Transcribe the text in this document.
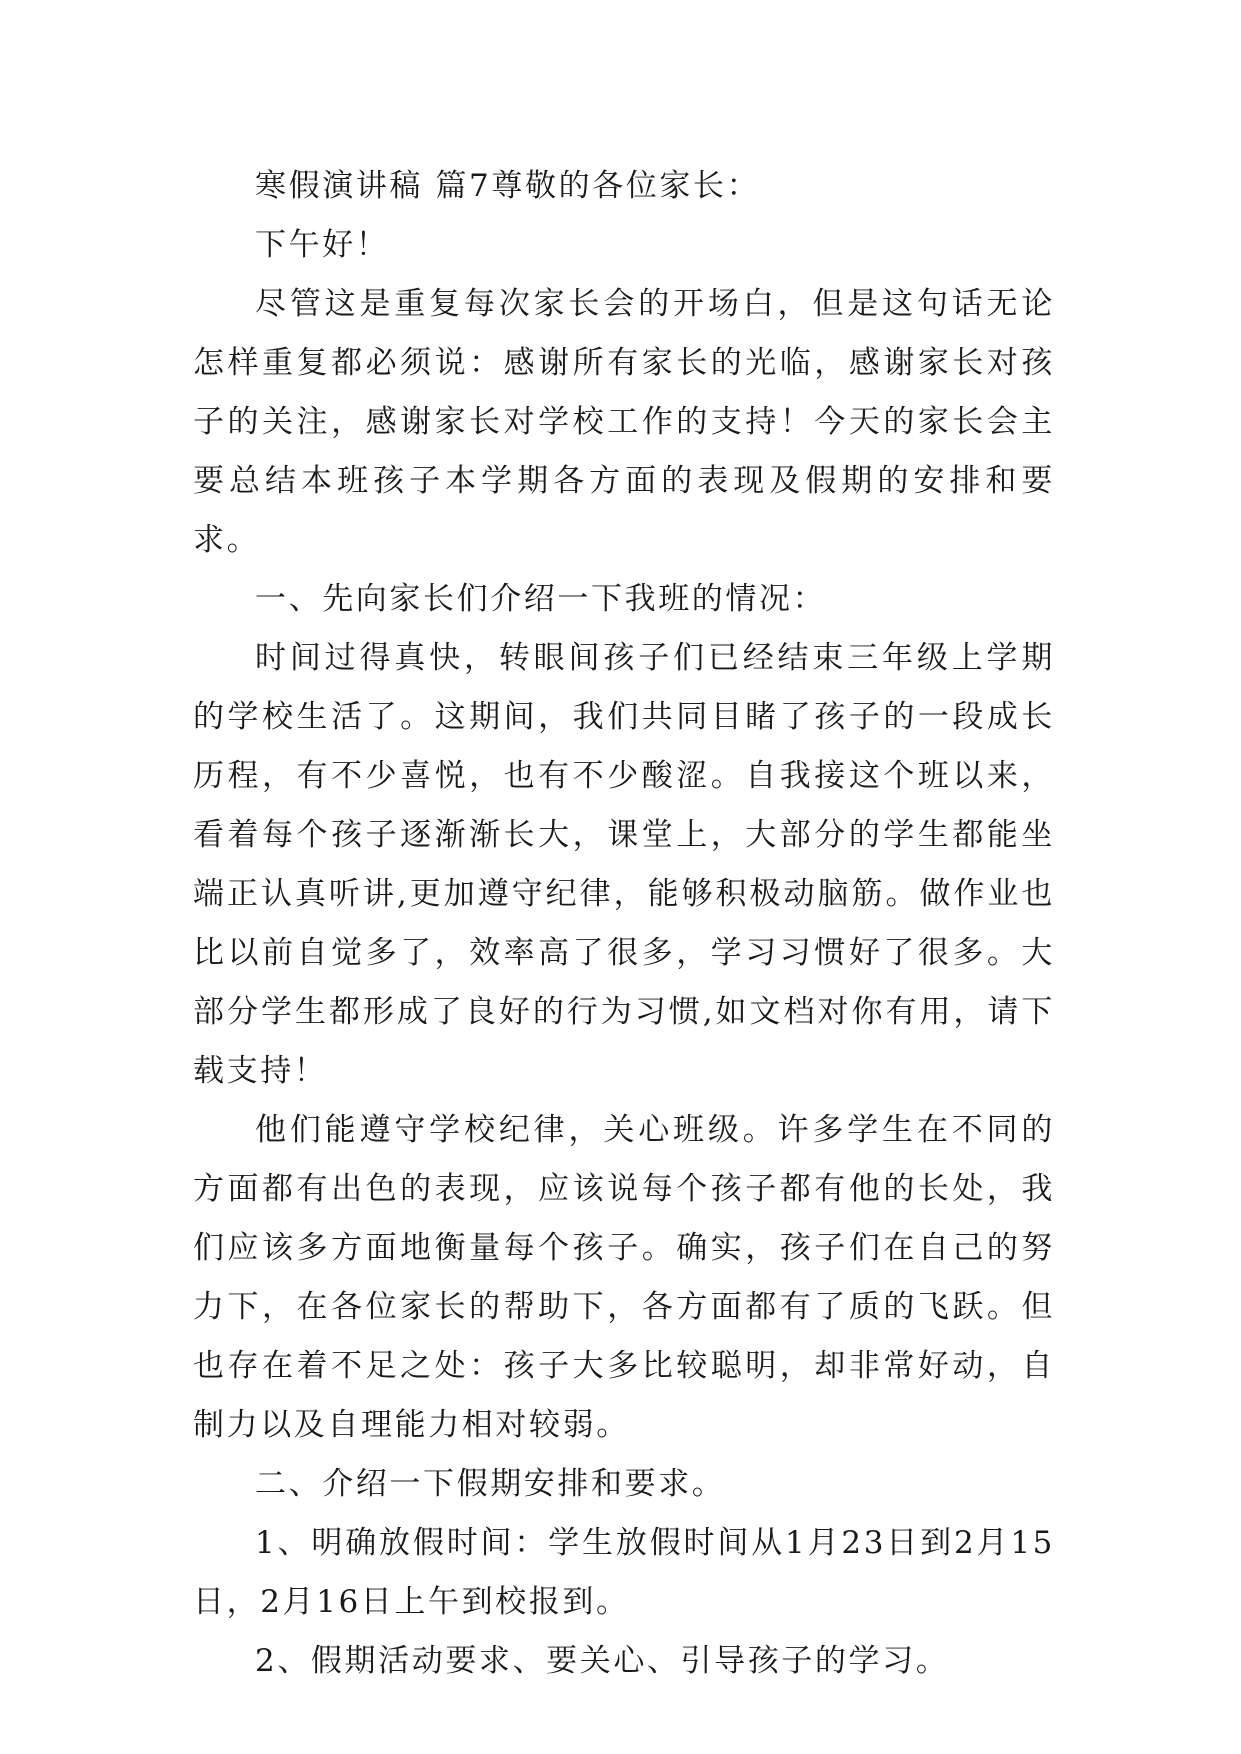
寒假演讲稿 篇7尊敬的各位家长：

下午好！

尽管这是重复每次家长会的开场白，但是这句话无论怎样重复都必须说：感谢所有家长的光临，感谢家长对孩子的关注，感谢家长对学校工作的支持！今天的家长会主要总结本班孩子本学期各方面的表现及假期的安排和要求。

一、先向家长们介绍一下我班的情况：

时间过得真快，转眼间孩子们已经结束三年级上学期的学校生活了。这期间，我们共同目睹了孩子的一段成长历程，有不少喜悦，也有不少酸涩。自我接这个班以来，看着每个孩子逐渐渐长大，课堂上，大部分的学生都能坐端正认真听讲,更加遵守纪律，能够积极动脑筋。做作业也比以前自觉多了，效率高了很多，学习习惯好了很多。大部分学生都形成了良好的行为习惯,如文档对你有用，请下载支持！

他们能遵守学校纪律，关心班级。许多学生在不同的方面都有出色的表现，应该说每个孩子都有他的长处，我们应该多方面地衡量每个孩子。确实，孩子们在自己的努力下，在各位家长的帮助下，各方面都有了质的飞跃。但也存在着不足之处：孩子大多比较聪明，却非常好动，自制力以及自理能力相对较弱。

二、介绍一下假期安排和要求。

1、明确放假时间：学生放假时间从1月23日到2月15日，2月16日上午到校报到。

2、假期活动要求、要关心、引导孩子的学习。
